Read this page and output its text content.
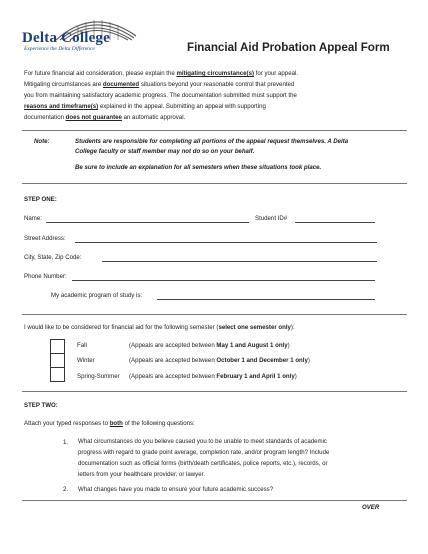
Delta College
Experience the Delta Difference	Financial Aid Probation Appeal Form
For future financial aid consideration, please explain the mitigating circumstance(s) for your appeal.
Mitigating circumstances are documented situations beyond your reasonable control that prevented
you from maintaining satisfactory academic progress. The documentation submitted must support the
reasons and timeframe(s) explained in the appeal. Submitting an appeal with supporting
documentation does not guarantee an automatic approval.
Note:	Students are responsible for completing all portions of the appeal request themselves. A Delta
College faculty or staff member may not do so on your behalf.
Be sure to include an explanation for all semesters when these situations took place.
STEP ONE:
Name:	Student ID#
Street Address:
City, State, Zip Code:
Phone Number:
My academic program of study is:
I would like to be considered for financial aid for the following semester (select one semester only):
Fall	(Appeals are accepted between May 1 and August 1 only)
Winter	(Appeals are accepted between October 1 and December 1 only)
Spring-Summer (Appeals are accepted between February 1 and April 1 only)
STEP TWO:
Attach your typed responses to both of the following questions:
1. What circumstances do you believe caused you to be unable to meet standards of academic
progress with regard to grade point average, completion rate, and/or program length? Include
documentation such as official forms (birth/death certificates, police reports, etc.), records, or
letters from your healthcare provider, or lawyer.
2. What changes have you made to ensure your future academic success?
OVER
